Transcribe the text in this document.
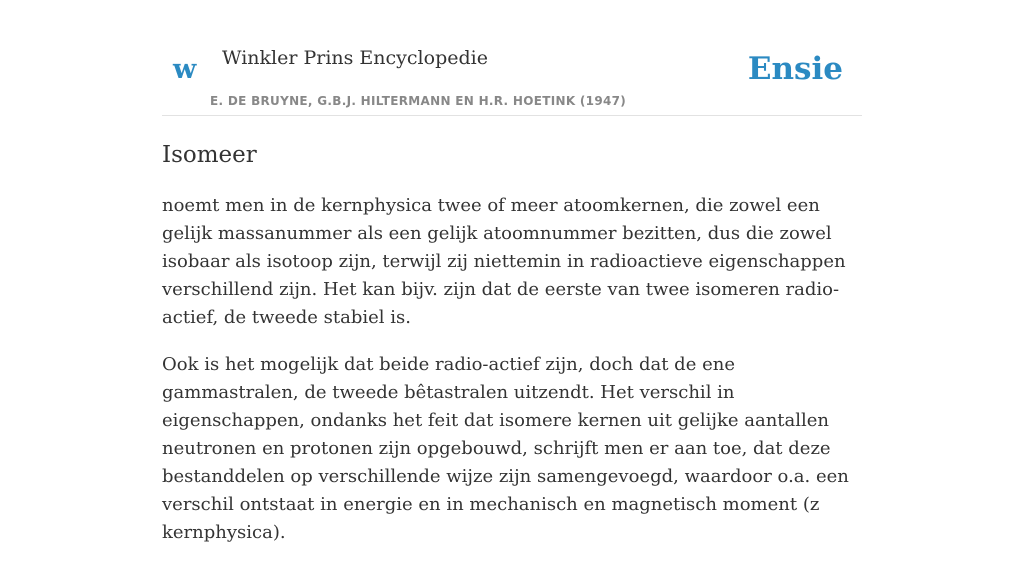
w Winkler Prins Encyclopedie
E. DE BRUYNE, G.B.J. HILTERMANN EN H.R. HOETINK (1947)
Ensie
Isomeer

noemt men in de kernphysica twee of meer atoomkernen, die zowel een gelijk massanummer als een gelijk atoomnummer bezitten, dus die zowel isobaar als isotoop zijn, terwijl zij niettemin in radioactieve eigenschappen verschillend zijn. Het kan bijv. zijn dat de eerste van twee isomeren radio-actief, de tweede stabiel is.

Ook is het mogelijk dat beide radio-actief zijn, doch dat de ene gammastralen, de tweede bêtastralen uitzendt. Het verschil in eigenschappen, ondanks het feit dat isomere kernen uit gelijke aantallen neutronen en protonen zijn opgebouwd, schrijft men er aan toe, dat deze bestanddelen op verschillende wijze zijn samengevoegd, waardoor o.a. een verschil ontstaat in energie en in mechanisch en magnetisch moment (z kernphysica).
